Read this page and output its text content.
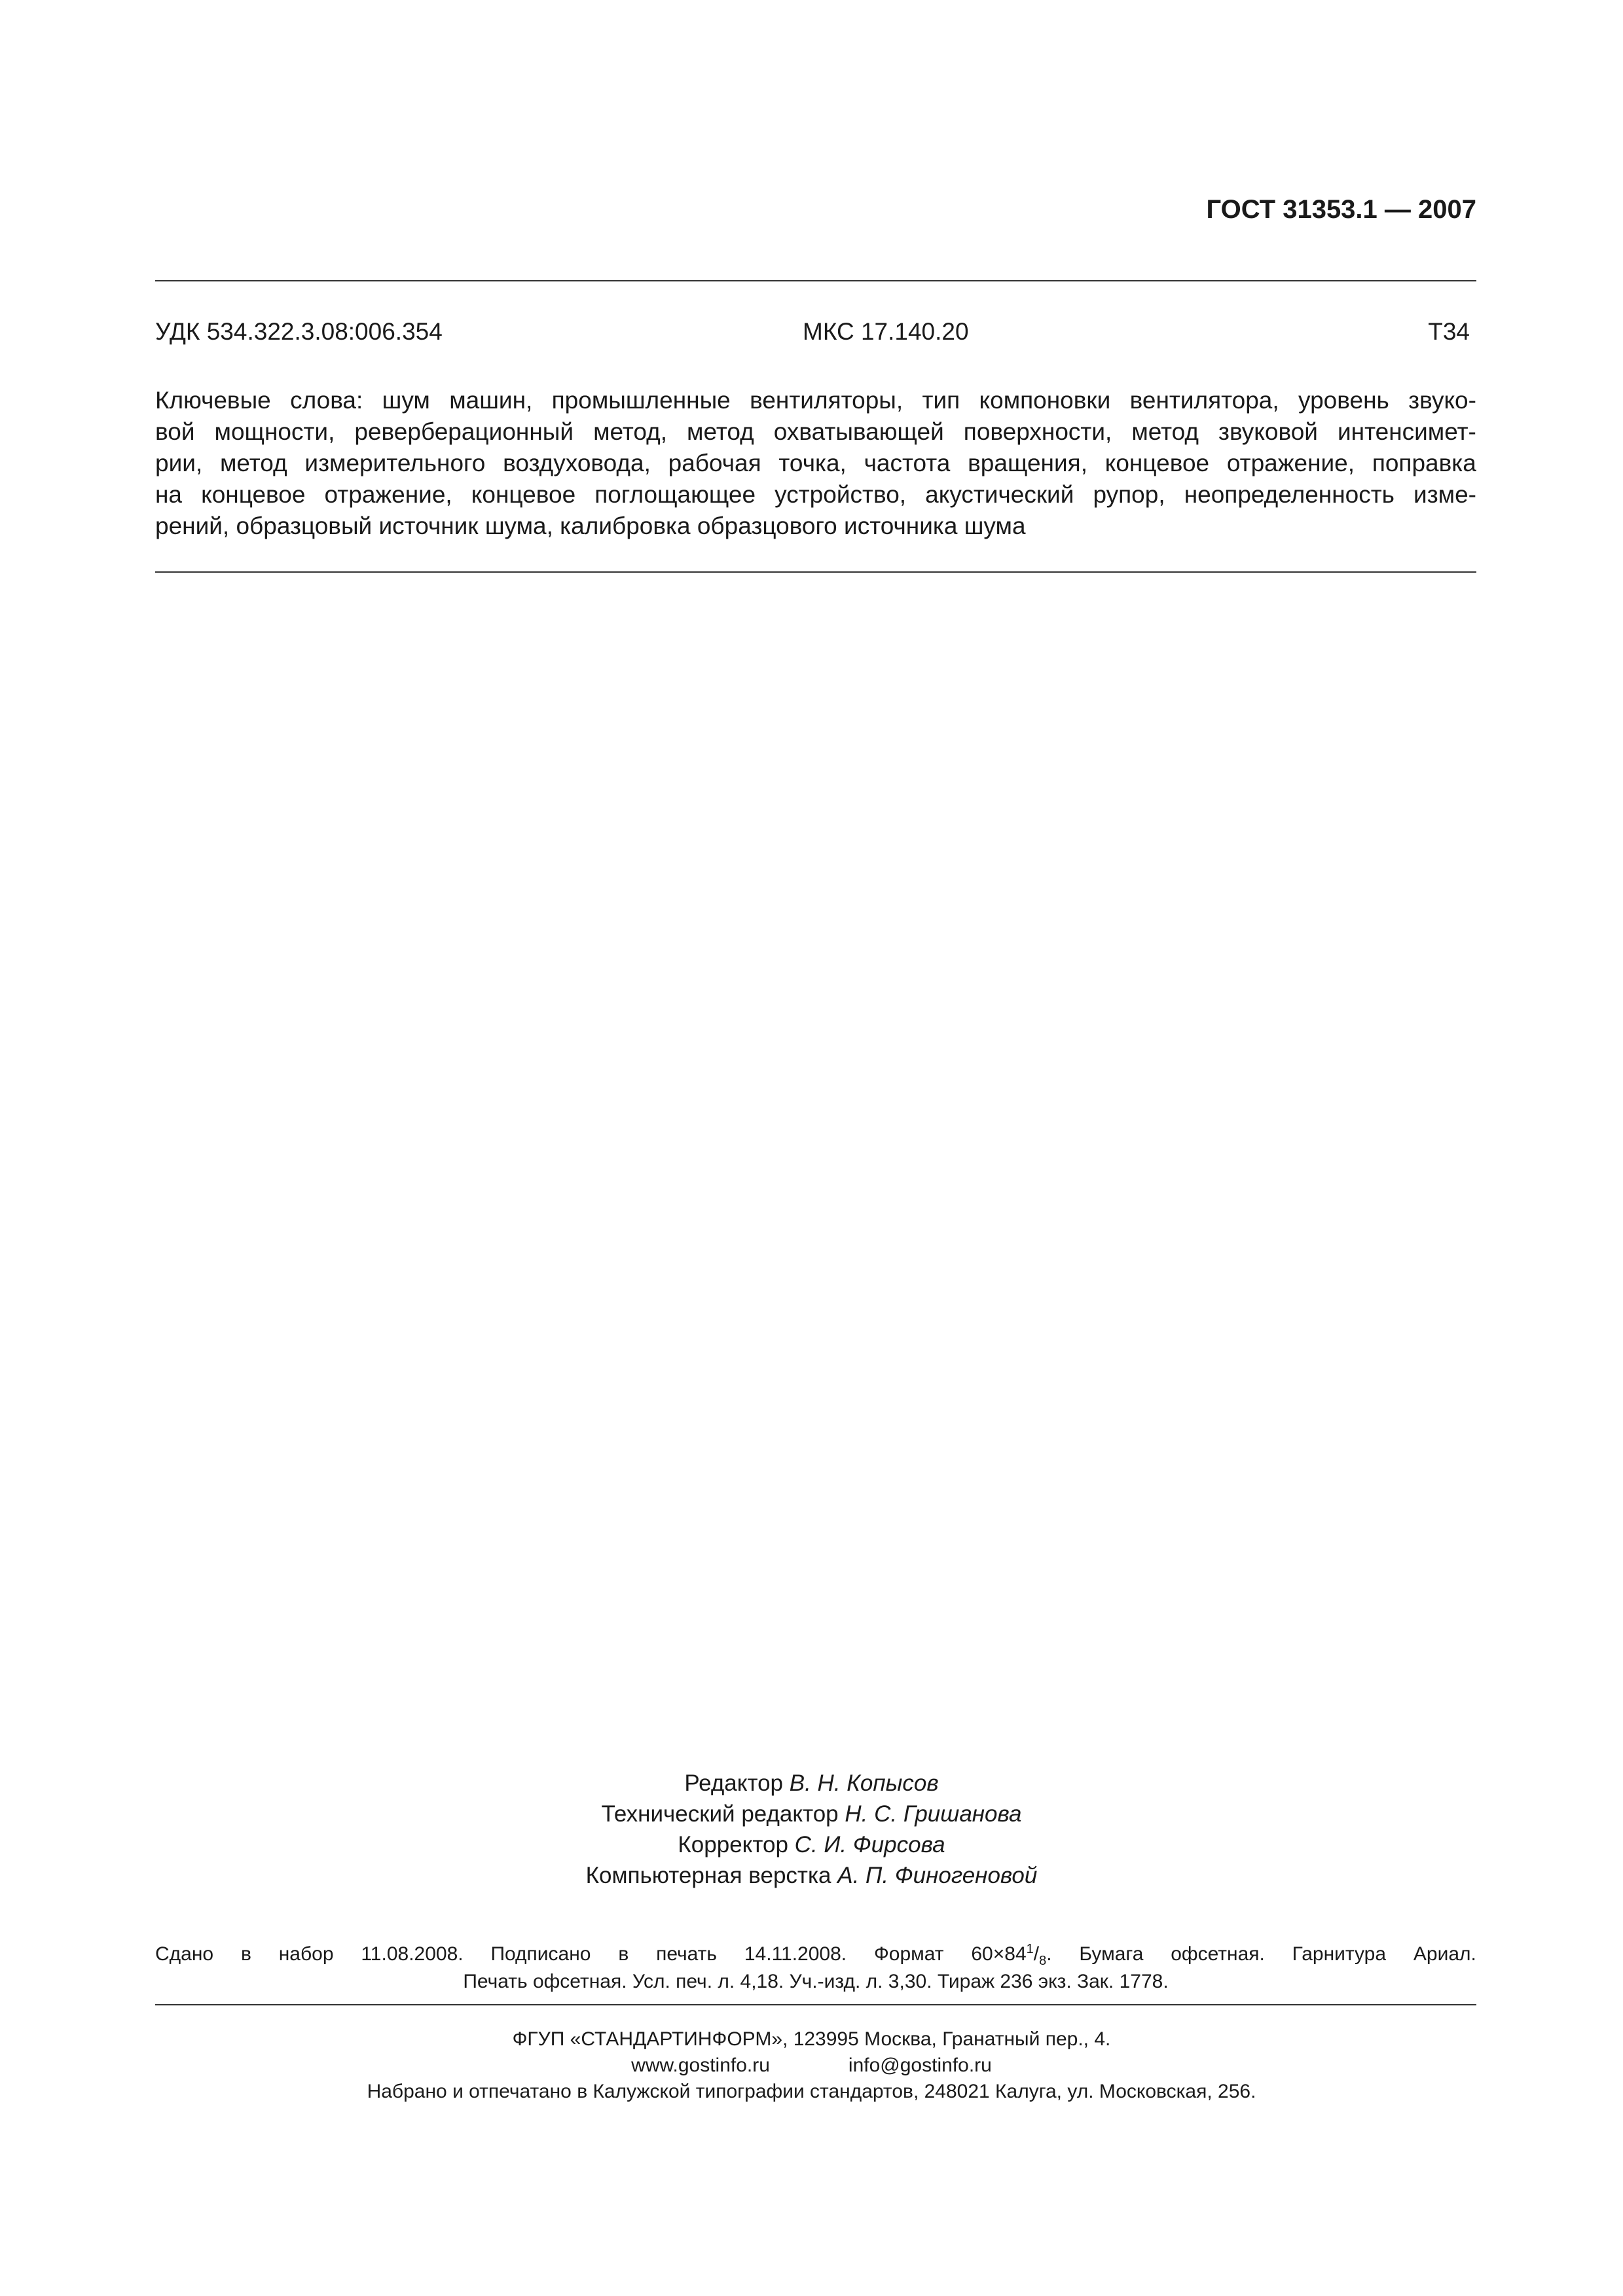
ГОСТ 31353.1 — 2007
УДК 534.322.3.08:006.354	МКС 17.140.20	Т34
Ключевые слова: шум машин, промышленные вентиляторы, тип компоновки вентилятора, уровень звуко-
вой мощности, реверберационный метод, метод охватывающей поверхности, метод звуковой интенсимет-
рии, метод измерительного воздуховода, рабочая точка, частота вращения, концевое отражение, поправка
на концевое отражение, концевое поглощающее устройство, акустический рупор, неопределенность изме-
рений, образцовый источник шума, калибровка образцового источника шума
Редактор В. Н. Копысов
Технический редактор Н. С. Гришанова
Корректор С. И. Фирсова
Компьютерная верстка А. П. Финогеновой
Сдано в набор 11.08.2008. Подписано в печать 14.11.2008. Формат $60\times 84^1/_8$. Бумага офсетная. Гарнитура Ариал.
Печать офсетная. Усл. печ. л. 4,18. Уч.-изд. л. 3,30. Тираж 236 экз. Зак. 1778.
ФГУП «СТАНДАРТИНФОРМ», 123995 Москва, Гранатный пер., 4.
www.gostinfo.ru	info@gostinfo.ru
Набрано и отпечатано в Калужской типографии стандартов, 248021 Калуга, ул. Московская, 256.
